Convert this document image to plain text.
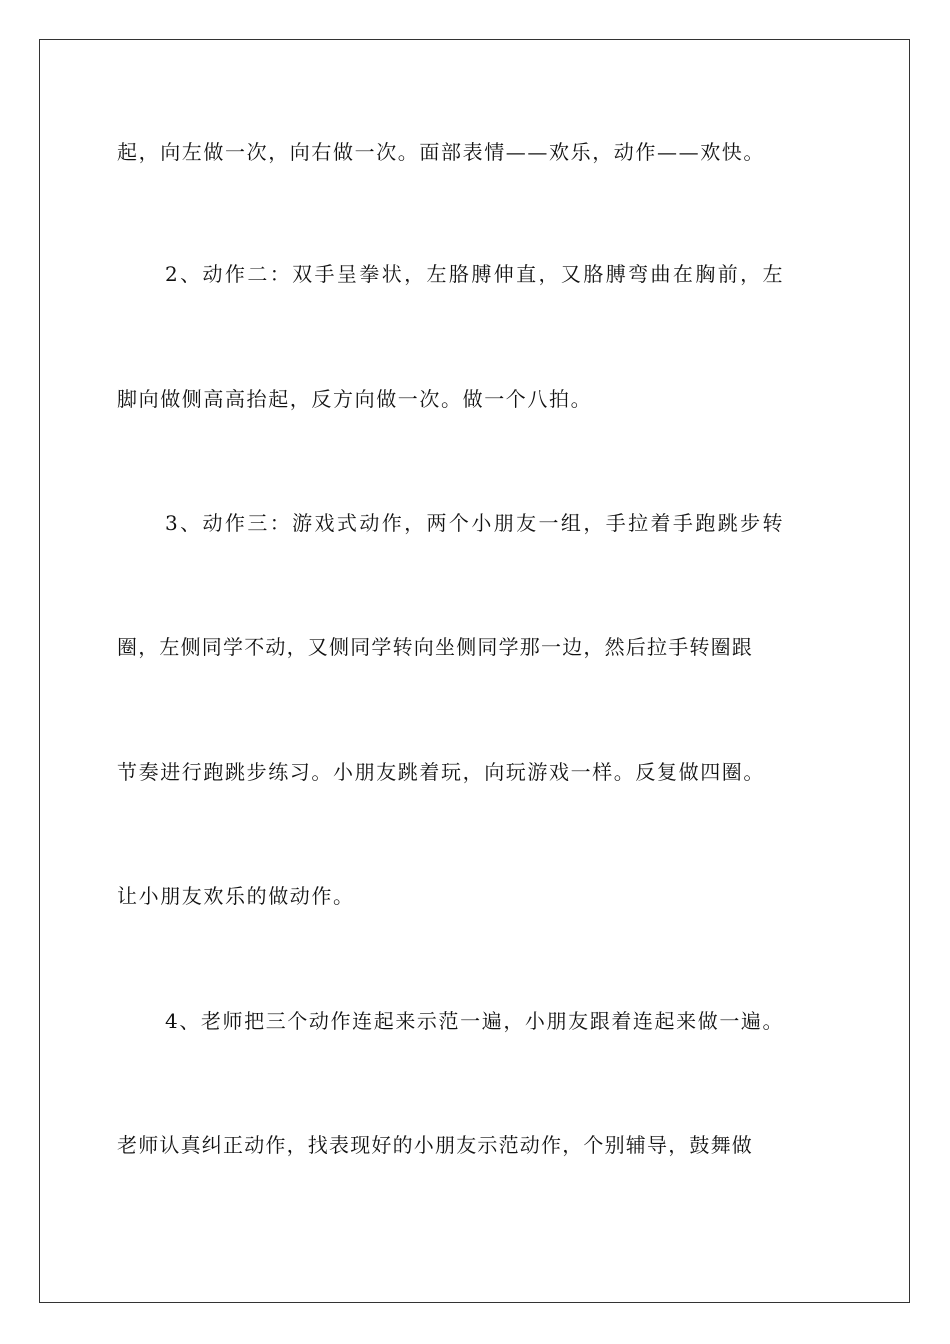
起，向左做一次，向右做一次。面部表情——欢乐，动作——欢快。
2、动作二：双手呈拳状，左胳膊伸直，又胳膊弯曲在胸前，左
脚向做侧高高抬起，反方向做一次。做一个八拍。
3、动作三：游戏式动作，两个小朋友一组，手拉着手跑跳步转
圈，左侧同学不动，又侧同学转向坐侧同学那一边，然后拉手转圈跟
节奏进行跑跳步练习。小朋友跳着玩，向玩游戏一样。反复做四圈。
让小朋友欢乐的做动作。
4、老师把三个动作连起来示范一遍，小朋友跟着连起来做一遍。
老师认真纠正动作，找表现好的小朋友示范动作，个别辅导，鼓舞做
